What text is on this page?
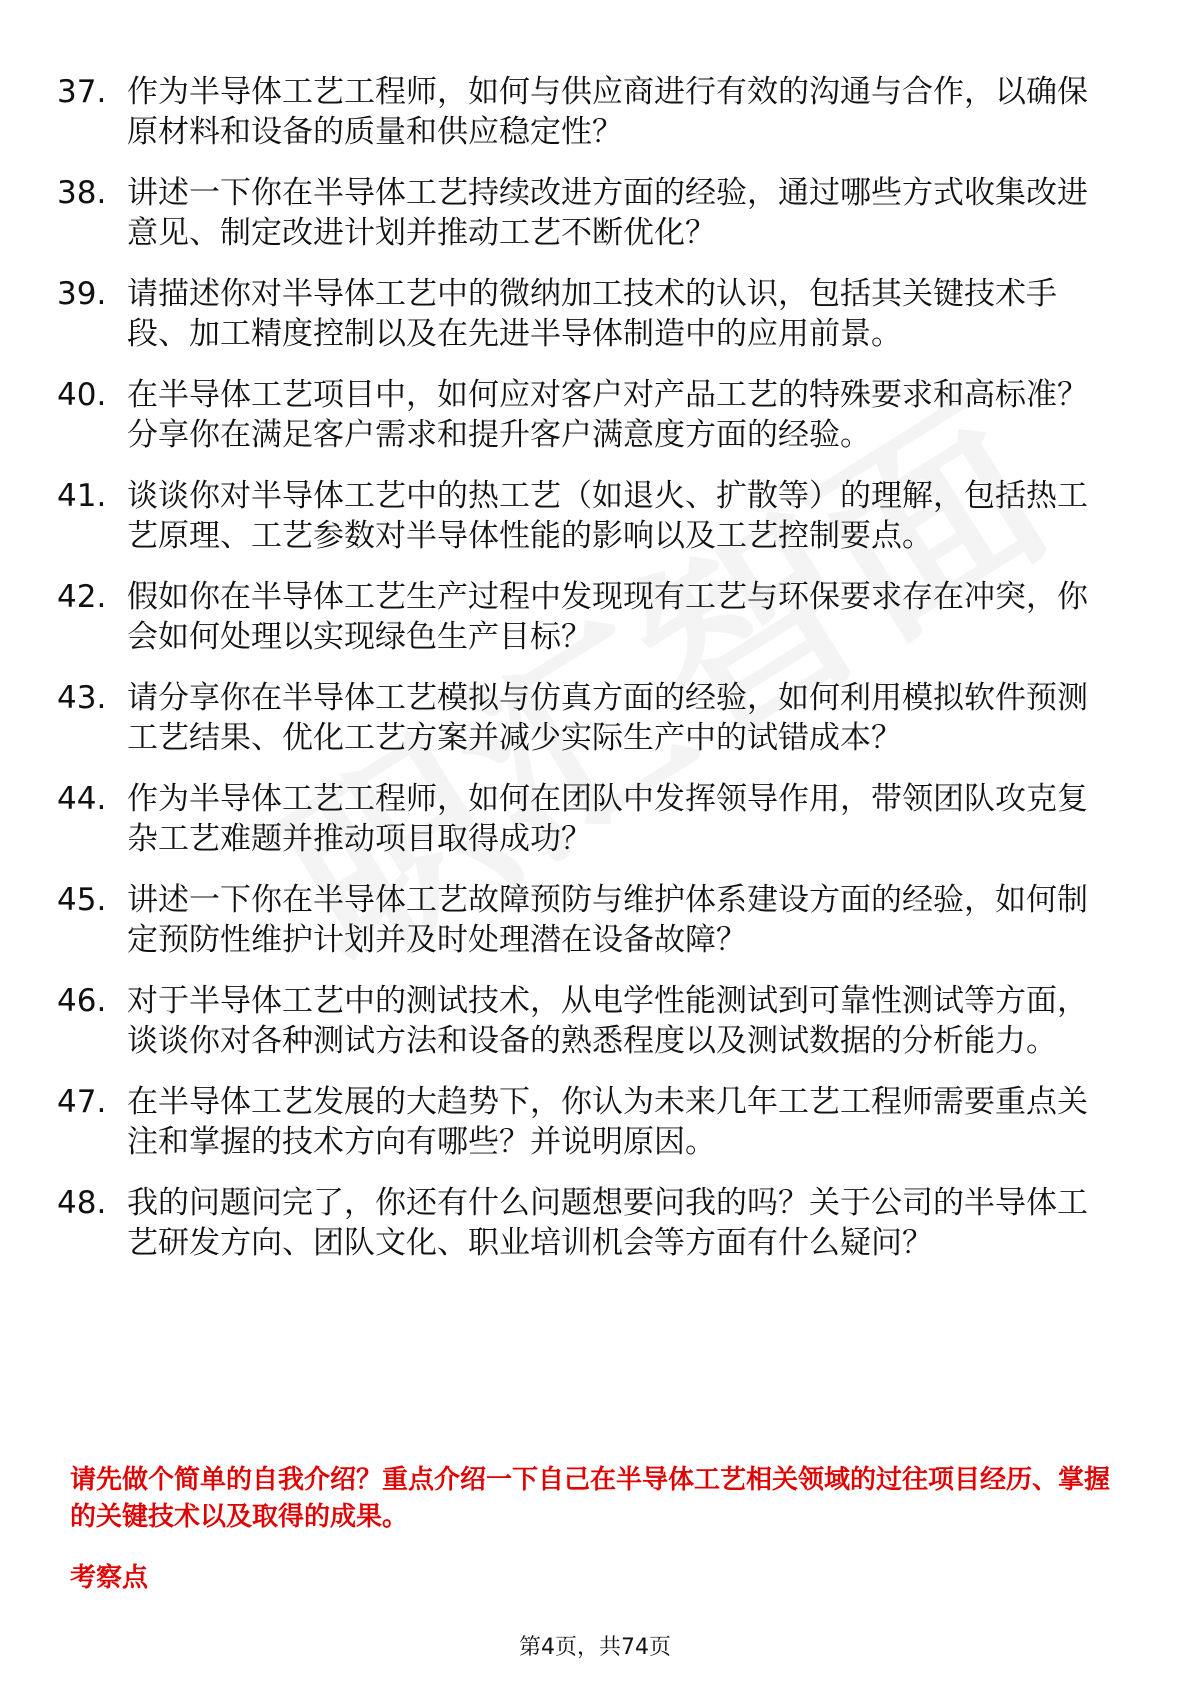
37. 作为半导体工艺工程师，如何与供应商进行有效的沟通与合作，以确保原材料和设备的质量和供应稳定性？
38. 讲述一下你在半导体工艺持续改进方面的经验，通过哪些方式收集改进意见、制定改进计划并推动工艺不断优化？
39. 请描述你对半导体工艺中的微纳加工技术的认识，包括其关键技术手段、加工精度控制以及在先进半导体制造中的应用前景。
40. 在半导体工艺项目中，如何应对客户对产品工艺的特殊要求和高标准？分享你在满足客户需求和提升客户满意度方面的经验。
41. 谈谈你对半导体工艺中的热工艺（如退火、扩散等）的理解，包括热工艺原理、工艺参数对半导体性能的影响以及工艺控制要点。
42. 假如你在半导体工艺生产过程中发现现有工艺与环保要求存在冲突，你会如何处理以实现绿色生产目标？
43. 请分享你在半导体工艺模拟与仿真方面的经验，如何利用模拟软件预测工艺结果、优化工艺方案并减少实际生产中的试错成本？
44. 作为半导体工艺工程师，如何在团队中发挥领导作用，带领团队攻克复杂工艺难题并推动项目取得成功？
45. 讲述一下你在半导体工艺故障预防与维护体系建设方面的经验，如何制定预防性维护计划并及时处理潜在设备故障？
46. 对于半导体工艺中的测试技术，从电学性能测试到可靠性测试等方面，谈谈你对各种测试方法和设备的熟悉程度以及测试数据的分析能力。
47. 在半导体工艺发展的大趋势下，你认为未来几年工艺工程师需要重点关注和掌握的技术方向有哪些？并说明原因。
48. 我的问题问完了，你还有什么问题想要问我的吗？关于公司的半导体工艺研发方向、团队文化、职业培训机会等方面有什么疑问？
请先做个简单的自我介绍？重点介绍一下自己在半导体工艺相关领域的过往项目经历、掌握的关键技术以及取得的成果。
考察点
第4页，共74页
